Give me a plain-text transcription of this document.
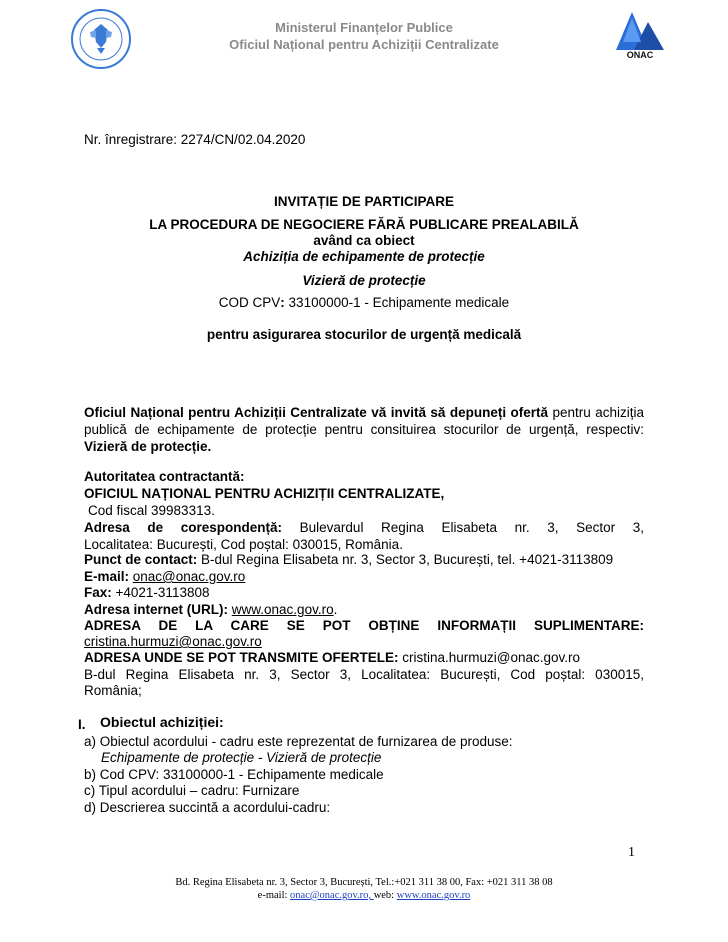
Ministerul Finanțelor Publice
Oficiul Național pentru Achiziții Centralizate
ONAC
Nr. înregistrare: 2274/CN/02.04.2020
INVITAȚIE DE PARTICIPARE
LA PROCEDURA DE NEGOCIERE FĂRĂ PUBLICARE PREALABILĂ
având ca obiect
Achiziția de echipamente de protecție
Vizieră de protecție
COD CPV: 33100000-1 - Echipamente medicale
pentru asigurarea stocurilor de urgență medicală
Oficiul Național pentru Achiziții Centralizate vă invită să depuneți ofertă pentru achiziția publică de echipamente de protecție pentru consituirea stocurilor de urgență, respectiv: Vizieră de protecție.
Autoritatea contractantă:
OFICIUL NAȚIONAL PENTRU ACHIZIȚII CENTRALIZATE,
Cod fiscal 39983313.
Adresa de corespondență: Bulevardul Regina Elisabeta nr. 3, Sector 3,
Localitatea: București, Cod poștal: 030015, România.
Punct de contact: B-dul Regina Elisabeta nr. 3, Sector 3, București, tel. +4021-3113809
E-mail: onac@onac.gov.ro
Fax: +4021-3113808
Adresa internet (URL): www.onac.gov.ro.
ADRESA DE LA CARE SE POT OBȚINE INFORMAȚII SUPLIMENTARE:
cristina.hurmuzi@onac.gov.ro
ADRESA UNDE SE POT TRANSMITE OFERTELE: cristina.hurmuzi@onac.gov.ro
B-dul Regina Elisabeta nr. 3, Sector 3, Localitatea: București, Cod poștal: 030015,
România;
I. Obiectul achiziției:
a) Obiectul acordului - cadru este reprezentat de furnizarea de produse:
Echipamente de protecție - Vizieră de protecție
b) Cod CPV: 33100000-1 - Echipamente medicale
c) Tipul acordului – cadru: Furnizare
d) Descrierea succintă a acordului-cadru:
1
Bd. Regina Elisabeta nr. 3, Sector 3, București, Tel.:+021 311 38 00, Fax: +021 311 38 08
e-mail: onac@onac.gov.ro, web: www.onac.gov.ro
